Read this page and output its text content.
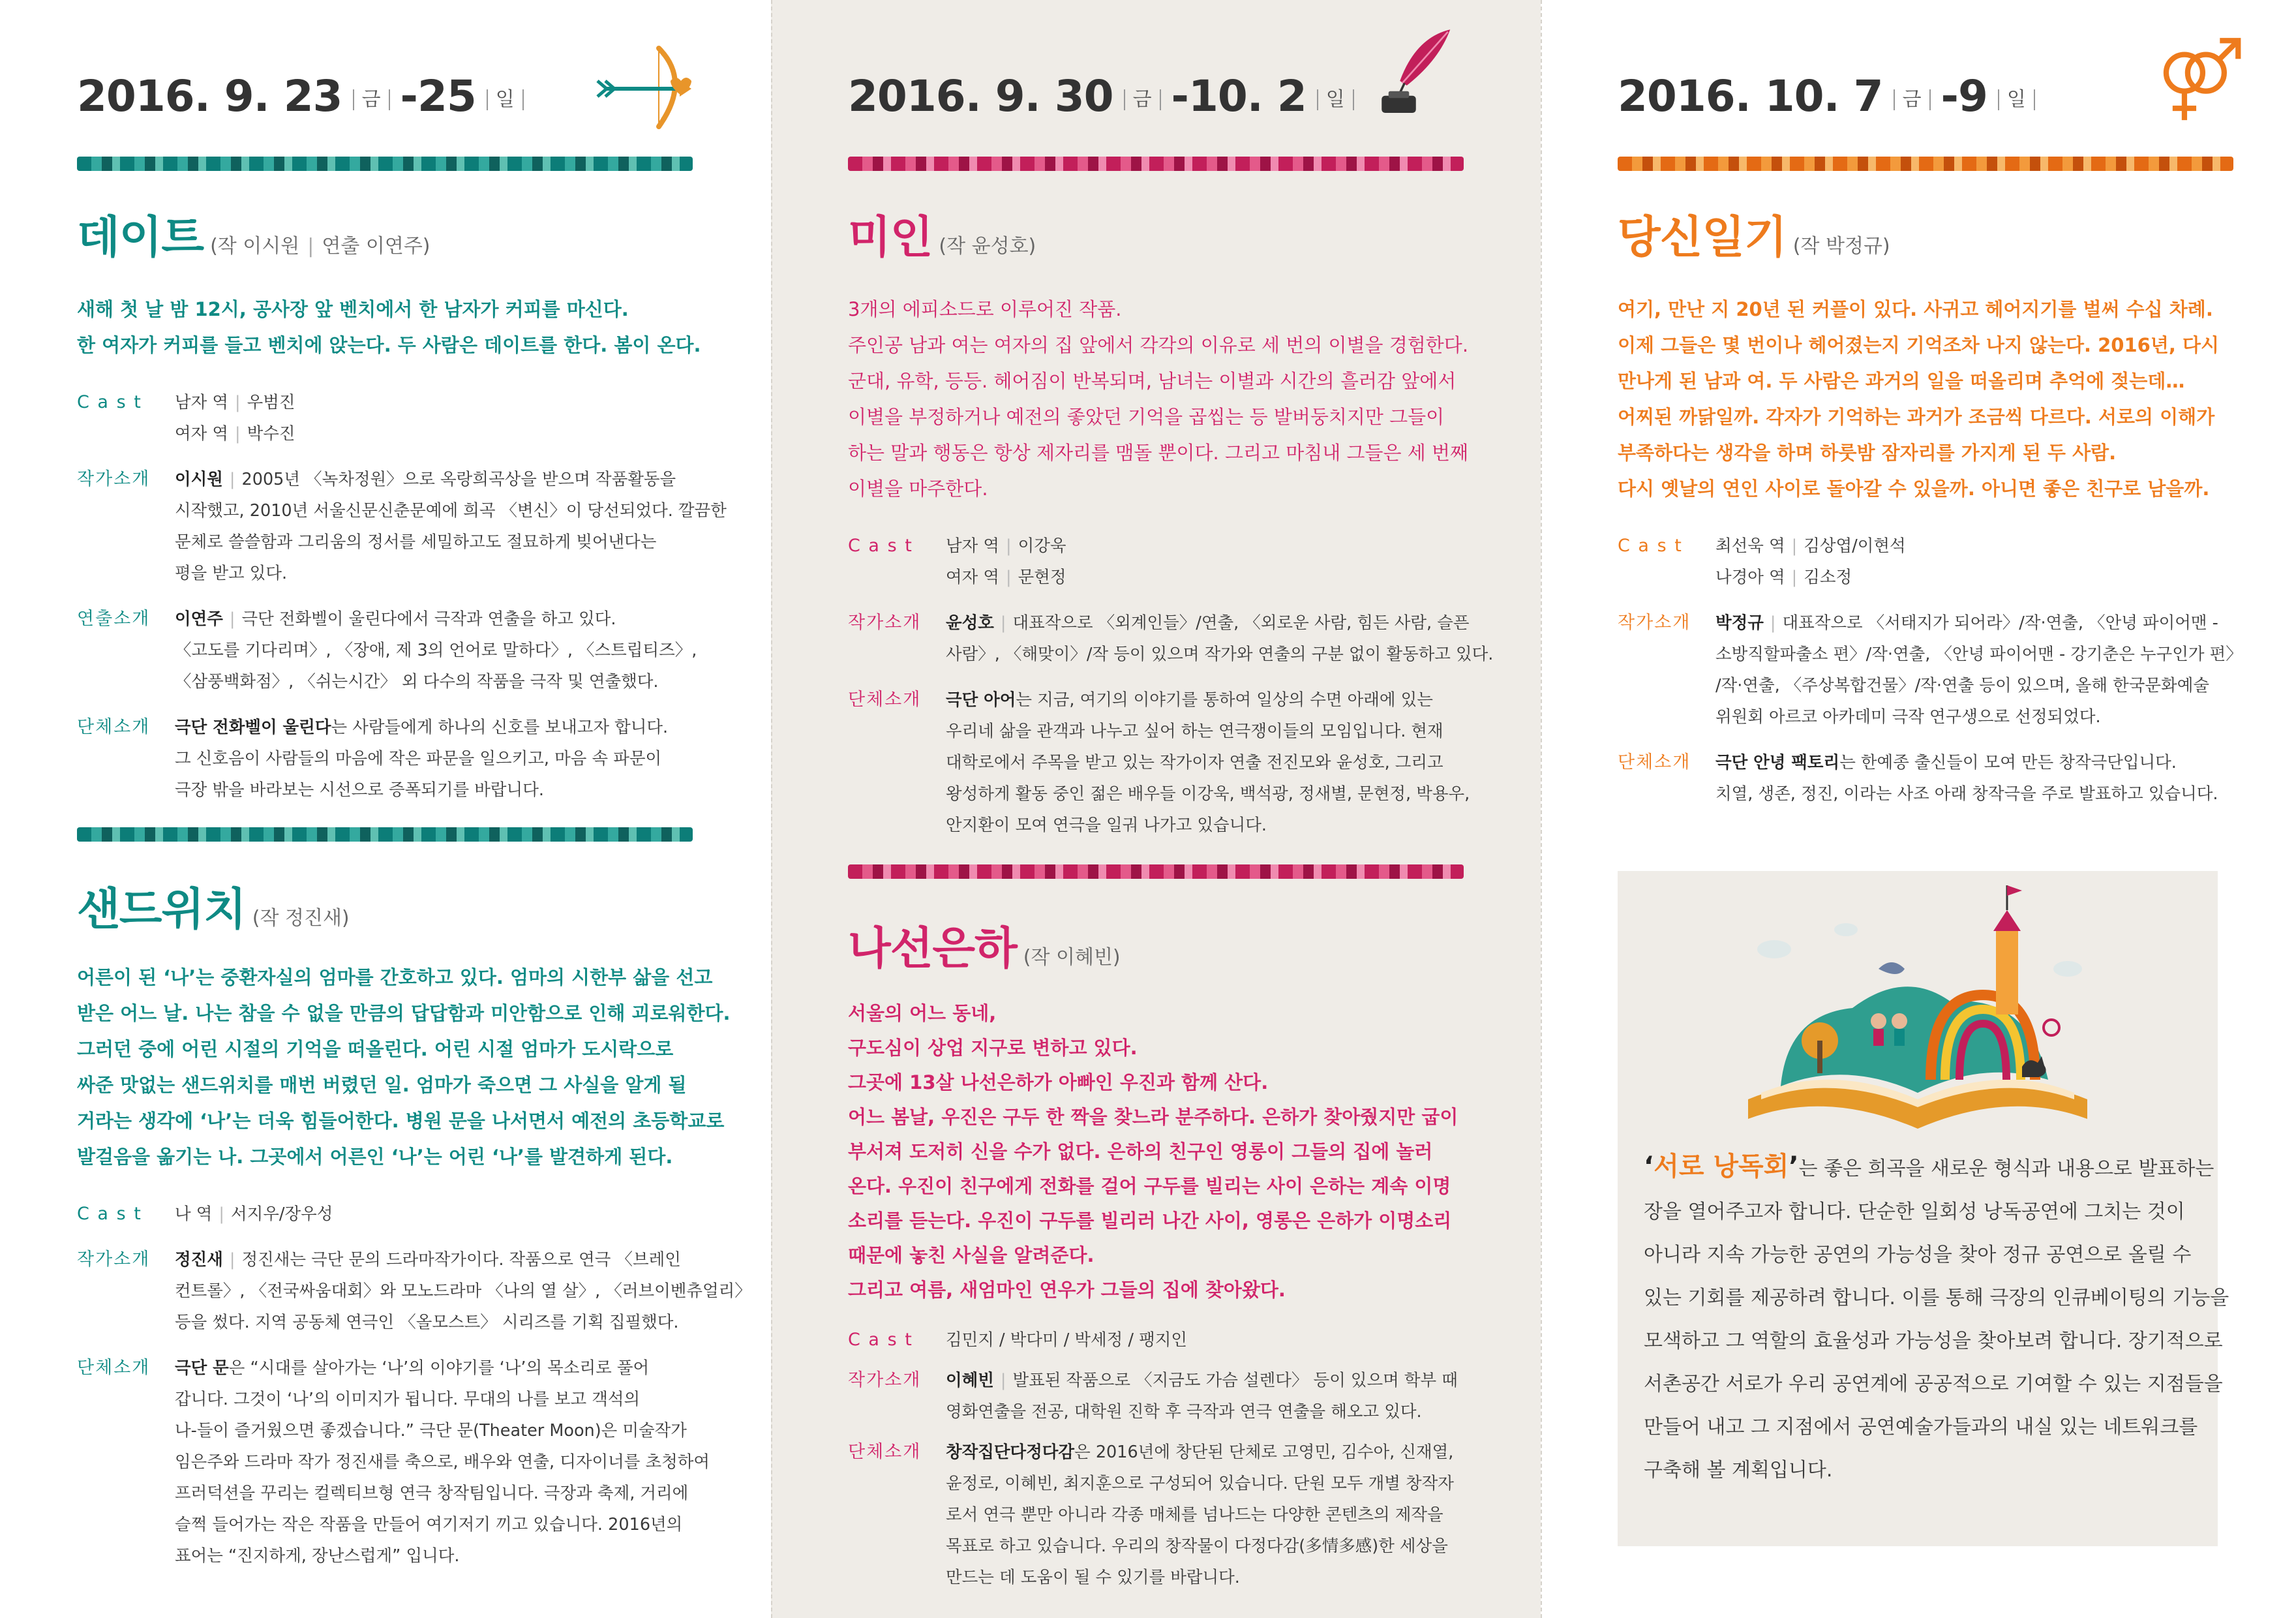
2016. 9. 23	금 -25	일
데이트 (작 이시원 | 연출 이연주)

새해 첫 날 밤 12시, 공사장 앞 벤치에서 한 남자가 커피를 마신다.

한 여자가 커피를 들고 벤치에 앉는다. 두 사람은 데이트를 한다. 봄이 온다.

C a s t	남자 역 | 우범진

여자 역 | 박수진

작가소개	이시원 | 2005년 〈녹차정원〉으로 옥랑희곡상을 받으며 작품활동을

시작했고, 2010년 서울신문신춘문예에 희곡 〈변신〉이 당선되었다. 깔끔한

문체로 쓸쓸함과 그리움의 정서를 세밀하고도 절묘하게 빚어낸다는

평을 받고 있다.

연출소개	이연주 | 극단 전화벨이 울린다에서 극작과 연출을 하고 있다.

〈고도를 기다리며〉, 〈장애, 제 3의 언어로 말하다〉, 〈스트립티즈〉,

〈삼풍백화점〉, 〈쉬는시간〉 외 다수의 작품을 극작 및 연출했다.

단체소개	극단 전화벨이 울린다는 사람들에게 하나의 신호를 보내고자 합니다.

그 신호음이 사람들의 마음에 작은 파문을 일으키고, 마음 속 파문이

극장 밖을 바라보는 시선으로 증폭되기를 바랍니다.

샌드위치 (작 정진새)

어른이 된 ‘나’는 중환자실의 엄마를 간호하고 있다. 엄마의 시한부 삶을 선고

받은 어느 날. 나는 참을 수 없을 만큼의 답답함과 미안함으로 인해 괴로워한다.

그러던 중에 어린 시절의 기억을 떠올린다. 어린 시절 엄마가 도시락으로

싸준 맛없는 샌드위치를 매번 버렸던 일. 엄마가 죽으면 그 사실을 알게 될

거라는 생각에 ‘나’는 더욱 힘들어한다. 병원 문을 나서면서 예전의 초등학교로

발걸음을 옮기는 나. 그곳에서 어른인 ‘나’는 어린 ‘나’를 발견하게 된다.

C a s t	나 역 | 서지우/장우성

작가소개	정진새 | 정진새는 극단 문의 드라마작가이다. 작품으로 연극 〈브레인

컨트롤〉, 〈전국싸움대회〉와 모노드라마 〈나의 열 살〉, 〈러브이벤츄얼리〉

등을 썼다. 지역 공동체 연극인 〈올모스트〉 시리즈를 기획 집필했다.

단체소개	극단 문은 “시대를 살아가는 ‘나’의 이야기를 ‘나’의 목소리로 풀어

갑니다. 그것이 ‘나’의 이미지가 됩니다. 무대의 나를 보고 객석의

나-들이 즐거웠으면 좋겠습니다.” 극단 문(Theater Moon)은 미술작가

임은주와 드라마 작가 정진새를 축으로, 배우와 연출, 디자이너를 초청하여

프러덕션을 꾸리는 컬렉티브형 연극 창작팀입니다. 극장과 축제, 거리에

슬쩍 들어가는 작은 작품을 만들어 여기저기 끼고 있습니다. 2016년의

표어는 “진지하게, 장난스럽게” 입니다.

2016. 9. 30	금 -10. 2	일
미인 (작 윤성호)

3개의 에피소드로 이루어진 작품.

주인공 남과 여는 여자의 집 앞에서 각각의 이유로 세 번의 이별을 경험한다.

군대, 유학, 등등. 헤어짐이 반복되며, 남녀는 이별과 시간의 흘러감 앞에서

이별을 부정하거나 예전의 좋았던 기억을 곱씹는 등 발버둥치지만 그들이

하는 말과 행동은 항상 제자리를 맴돌 뿐이다. 그리고 마침내 그들은 세 번째

이별을 마주한다.

C a s t	남자 역 | 이강욱

여자 역 | 문현정

작가소개	윤성호 | 대표작으로 〈외계인들〉/연출, 〈외로운 사람, 힘든 사람, 슬픈

사람〉, 〈해맞이〉/작 등이 있으며 작가와 연출의 구분 없이 활동하고 있다.

단체소개	극단 아어는 지금, 여기의 이야기를 통하여 일상의 수면 아래에 있는

우리네 삶을 관객과 나누고 싶어 하는 연극쟁이들의 모임입니다. 현재

대학로에서 주목을 받고 있는 작가이자 연출 전진모와 윤성호, 그리고

왕성하게 활동 중인 젊은 배우들 이강욱, 백석광, 정새별, 문현정, 박용우,

안지환이 모여 연극을 일궈 나가고 있습니다.

나선은하 (작 이혜빈)

서울의 어느 동네,

구도심이 상업 지구로 변하고 있다.

그곳에 13살 나선은하가 아빠인 우진과 함께 산다.

어느 봄날, 우진은 구두 한 짝을 찾느라 분주하다. 은하가 찾아줬지만 굽이

부서져 도저히 신을 수가 없다. 은하의 친구인 영롱이 그들의 집에 놀러

온다. 우진이 친구에게 전화를 걸어 구두를 빌리는 사이 은하는 계속 이명

소리를 듣는다. 우진이 구두를 빌리러 나간 사이, 영롱은 은하가 이명소리

때문에 놓친 사실을 알려준다.

그리고 여름, 새엄마인 연우가 그들의 집에 찾아왔다.

C a s t	김민지 / 박다미 / 박세정 / 팽지인

작가소개	이혜빈 | 발표된 작품으로 〈지금도 가슴 설렌다〉 등이 있으며 학부 때

영화연출을 전공, 대학원 진학 후 극작과 연극 연출을 해오고 있다.

단체소개	창작집단다정다감은 2016년에 창단된 단체로 고영민, 김수아, 신재열,

윤정로, 이혜빈, 최지훈으로 구성되어 있습니다. 단원 모두 개별 창작자

로서 연극 뿐만 아니라 각종 매체를 넘나드는 다양한 콘텐츠의 제작을

목표로 하고 있습니다. 우리의 창작물이 다정다감(多情多感)한 세상을

만드는 데 도움이 될 수 있기를 바랍니다.

2016. 10. 7	금 -9	일
당신일기 (작 박정규)

여기, 만난 지 20년 된 커플이 있다. 사귀고 헤어지기를 벌써 수십 차례.

이제 그들은 몇 번이나 헤어졌는지 기억조차 나지 않는다. 2016년, 다시

만나게 된 남과 여. 두 사람은 과거의 일을 떠올리며 추억에 젖는데…

어찌된 까닭일까. 각자가 기억하는 과거가 조금씩 다르다. 서로의 이해가

부족하다는 생각을 하며 하룻밤 잠자리를 가지게 된 두 사람.

다시 옛날의 연인 사이로 돌아갈 수 있을까. 아니면 좋은 친구로 남을까.

C a s t	최선욱 역 | 김상엽/이현석

나경아 역 | 김소정

작가소개	박정규 | 대표작으로 〈서태지가 되어라〉/작·연출, 〈안녕 파이어맨 -

소방직할파출소 편〉/작·연출, 〈안녕 파이어맨 - 강기춘은 누구인가 편〉

/작·연출, 〈주상복합건물〉/작·연출 등이 있으며, 올해 한국문화예술

위원회 아르코 아카데미 극작 연구생으로 선정되었다.

단체소개	극단 안녕 팩토리는 한예종 출신들이 모여 만든 창작극단입니다.

치열, 생존, 정진, 이라는 사조 아래 창작극을 주로 발표하고 있습니다.

‘서로 낭독회’는 좋은 희곡을 새로운 형식과 내용으로 발표하는

장을 열어주고자 합니다. 단순한 일회성 낭독공연에 그치는 것이

아니라 지속 가능한 공연의 가능성을 찾아 정규 공연으로 올릴 수

있는 기회를 제공하려 합니다. 이를 통해 극장의 인큐베이팅의 기능을

모색하고 그 역할의 효율성과 가능성을 찾아보려 합니다. 장기적으로

서촌공간 서로가 우리 공연계에 공공적으로 기여할 수 있는 지점들을

만들어 내고 그 지점에서 공연예술가들과의 내실 있는 네트워크를

구축해 볼 계획입니다.
